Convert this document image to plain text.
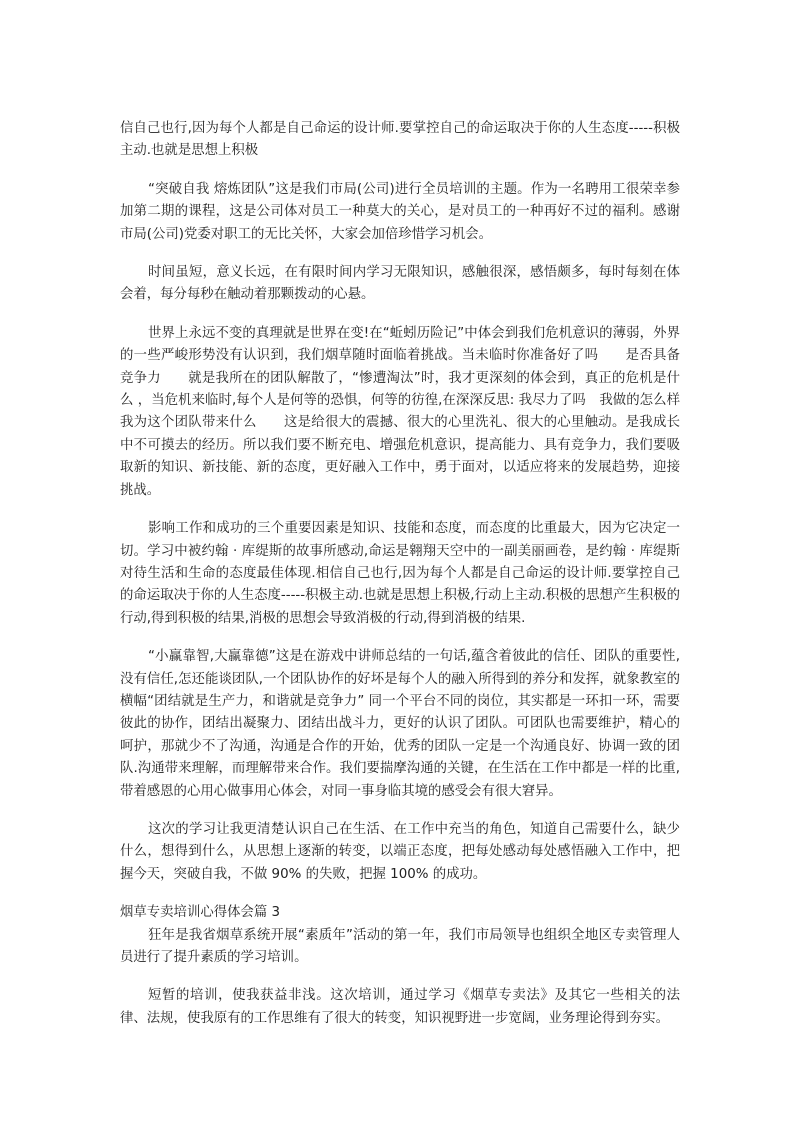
信自己也行,因为每个人都是自己命运的设计师.要掌控自己的命运取决于你的人生态度-----积极主动.也就是思想上积极

“突破自我 熔炼团队”这是我们市局(公司)进行全员培训的主题。作为一名聘用工很荣幸参加第二期的课程，这是公司体对员工一种莫大的关心，是对员工的一种再好不过的福利。感谢市局(公司)党委对职工的无比关怀，大家会加倍珍惜学习机会。

时间虽短，意义长远，在有限时间内学习无限知识，感触很深，感悟颇多，每时每刻在体会着，每分每秒在触动着那颗拨动的心悬。

世界上永远不变的真理就是世界在变!在“蚯蚓历险记”中体会到我们危机意识的薄弱，外界的一些严峻形势没有认识到，我们烟草随时面临着挑战。当未临时你准备好了吗　　是否具备竞争力　　就是我所在的团队解散了，“惨遭淘汰”时，我才更深刻的体会到，真正的危机是什么 ，当危机来临时,每个人是何等的恐惧，何等的彷徨,在深深反思: 我尽力了吗　我做的怎么样　　我为这个团队带来什么　　这是给很大的震撼、很大的心里洗礼、很大的心里触动。是我成长中不可摸去的经历。所以我们要不断充电、增强危机意识，提高能力、具有竞争力，我们要吸取新的知识、新技能、新的态度，更好融入工作中，勇于面对，以适应将来的发展趋势，迎接挑战。

影响工作和成功的三个重要因素是知识、技能和态度，而态度的比重最大，因为它决定一切。学习中被约翰 · 库缇斯的故事所感动,命运是翱翔天空中的一副美丽画卷，是约翰 · 库缇斯对待生活和生命的态度最佳体现.相信自己也行,因为每个人都是自己命运的设计师.要掌控自己的命运取决于你的人生态度-----积极主动.也就是思想上积极,行动上主动.积极的思想产生积极的行动,得到积极的结果,消极的思想会导致消极的行动,得到消极的结果.

“小赢靠智,大赢靠德”这是在游戏中讲师总结的一句话,蕴含着彼此的信任、团队的重要性,没有信任,怎还能谈团队,一个团队协作的好坏是每个人的融入所得到的养分和发挥，就象教室的横幅“团结就是生产力，和谐就是竞争力” 同一个平台不同的岗位，其实都是一环扣一环，需要彼此的协作，团结出凝聚力、团结出战斗力，更好的认识了团队。可团队也需要维护，精心的呵护，那就少不了沟通，沟通是合作的开始，优秀的团队一定是一个沟通良好、协调一致的团队.沟通带来理解，而理解带来合作。我们要揣摩沟通的关键，在生活在工作中都是一样的比重,带着感恩的心用心做事用心体会，对同一事身临其境的感受会有很大窘异。

这次的学习让我更清楚认识自己在生活、在工作中充当的角色，知道自己需要什么，缺少什么，想得到什么，从思想上逐渐的转变，以端正态度，把每处感动每处感悟融入工作中，把握今天，突破自我，不做 90% 的失败，把握 100% 的成功。

烟草专卖培训心得体会篇 3

狂年是我省烟草系统开展“素质年”活动的第一年，我们市局领导也组织全地区专卖管理人员进行了提升素质的学习培训。

短暂的培训，使我获益非浅。这次培训，通过学习《烟草专卖法》及其它一些相关的法律、法规，使我原有的工作思维有了很大的转变，知识视野进一步宽阔，业务理论得到夯实。
